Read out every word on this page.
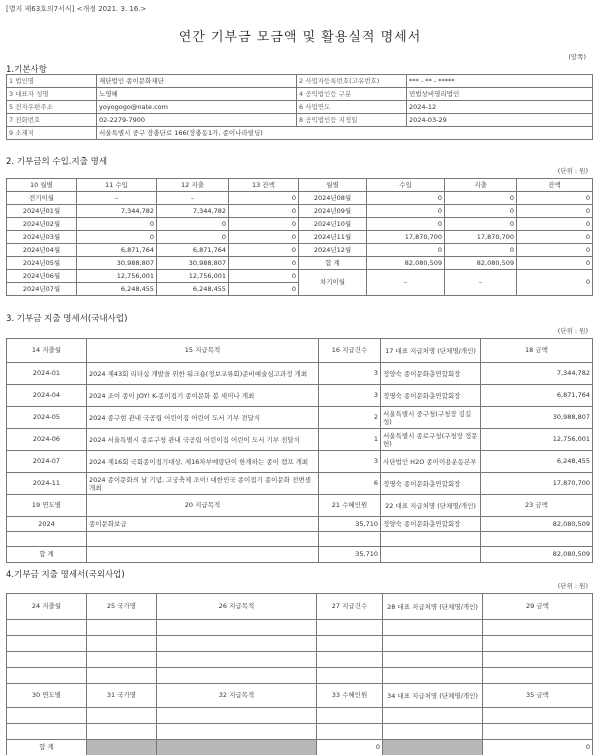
[별지 제63호의7서식] <개정 2021. 3. 16.>
연간 기부금 모금액 및 활용실적 명세서
(앞쪽)
1.기본사항
1 법인명	재단법인 종이문화재단	2 사업자등록번호(고유번호)	*** - ** - *****
3 대표자 성명	노영혜	4 공익법인등 구분	민법상비영리법인
5 전자우편주소	yoyogogo@nate.com	6 사업연도	2024-12
7 전화번호	02-2279-7900	8 공익법인등 지정일	2024-03-29
9 소재지	서울특별시 중구 장충단로 166(장충동1가, 종이나라빌딩)		
2. 기부금의 수입.지출 명세
(단위 : 원)
10 월별	11 수입	12 지출	13 잔액	월별	수입	지출	잔액
전기이월	–	–	0	2024년08월	0	0	0
2024년01월	7,344,782	7,344,782	0	2024년09월	0	0	0
2024년02월	0	0	0	2024년10월	0	0	0
2024년03월	0	0	0	2024년11월	17,870,700	17,870,700	0
2024년04월	6,871,764	6,871,764	0	2024년12월	0	0	0
2024년05월	30,988,807	30,988,807	0	합 계	82,080,509	82,080,509	0
2024년06월	12,756,001	12,756,001	0	차기이월	–	–	0
2024년07월	6,248,455	6,248,455	0				
3. 기부금 지출 명세서(국내사업)
(단위 : 원)
14 지출월	15 지급목적	16 지급건수	17 대표 지급처명 (단체명/개인)	18 금액
2024-01	2024 제43회 리더십 개발을 위한 워크숍(정보교류회)준비예술심고과정 개최	3	정양숙 종이문화총연합회장	7,344,782
2024-04	2024 조이 종이 JOY! K-종이접기 종이문화 봄 세미나 개최	3	정명숙 종이문화총연합회장	6,871,764
2024-05	2024 종구현 관내 국공립 어린이집 어린이 도서 기부 전달식	2	서울특별시 중구청(구청장 김길성)	30,988,807
2024-06	2024 서울특별시 종로구청 관내 국공립 어린이집 어린이 도서 기부 전달식	1	서울특별시 종로구청(구청장 정문헌)	12,756,001
2024-07	2024 제16회 국회종이접기대상, 제16차부메랑단이 한계하는 종이 캠프 개최	3	사단법인 H2O 종이이용운동본부	6,248,455
2024-11	2024 종이문화의 날 기념, 고궁축제 조이! 대한민국 종이접기 종이문화 전변센 개최	6	정명숙 종이문화총연합회장	17,870,700
19 연도별	20 지급목적	21 수혜인원	22 대표 지급처명 (단체명/개인)	23 금액
2024	종이문화보급	35,710	정양숙 종이문화총연합회장	82,080,509

합 계		35,710		82,080,509
4.기부금 지출 명세서(국외사업)
(단위 : 원)
24 지출월	25 국가명	26 지급목적	27 지급건수	28 대표 지급처명 (단체명/개인)	29 금액

30 연도별	31 국가명	32 지급목적	33 수혜인원	34 대표 지급처명 (단체명/개인)	35 금액

합 계			0		0
